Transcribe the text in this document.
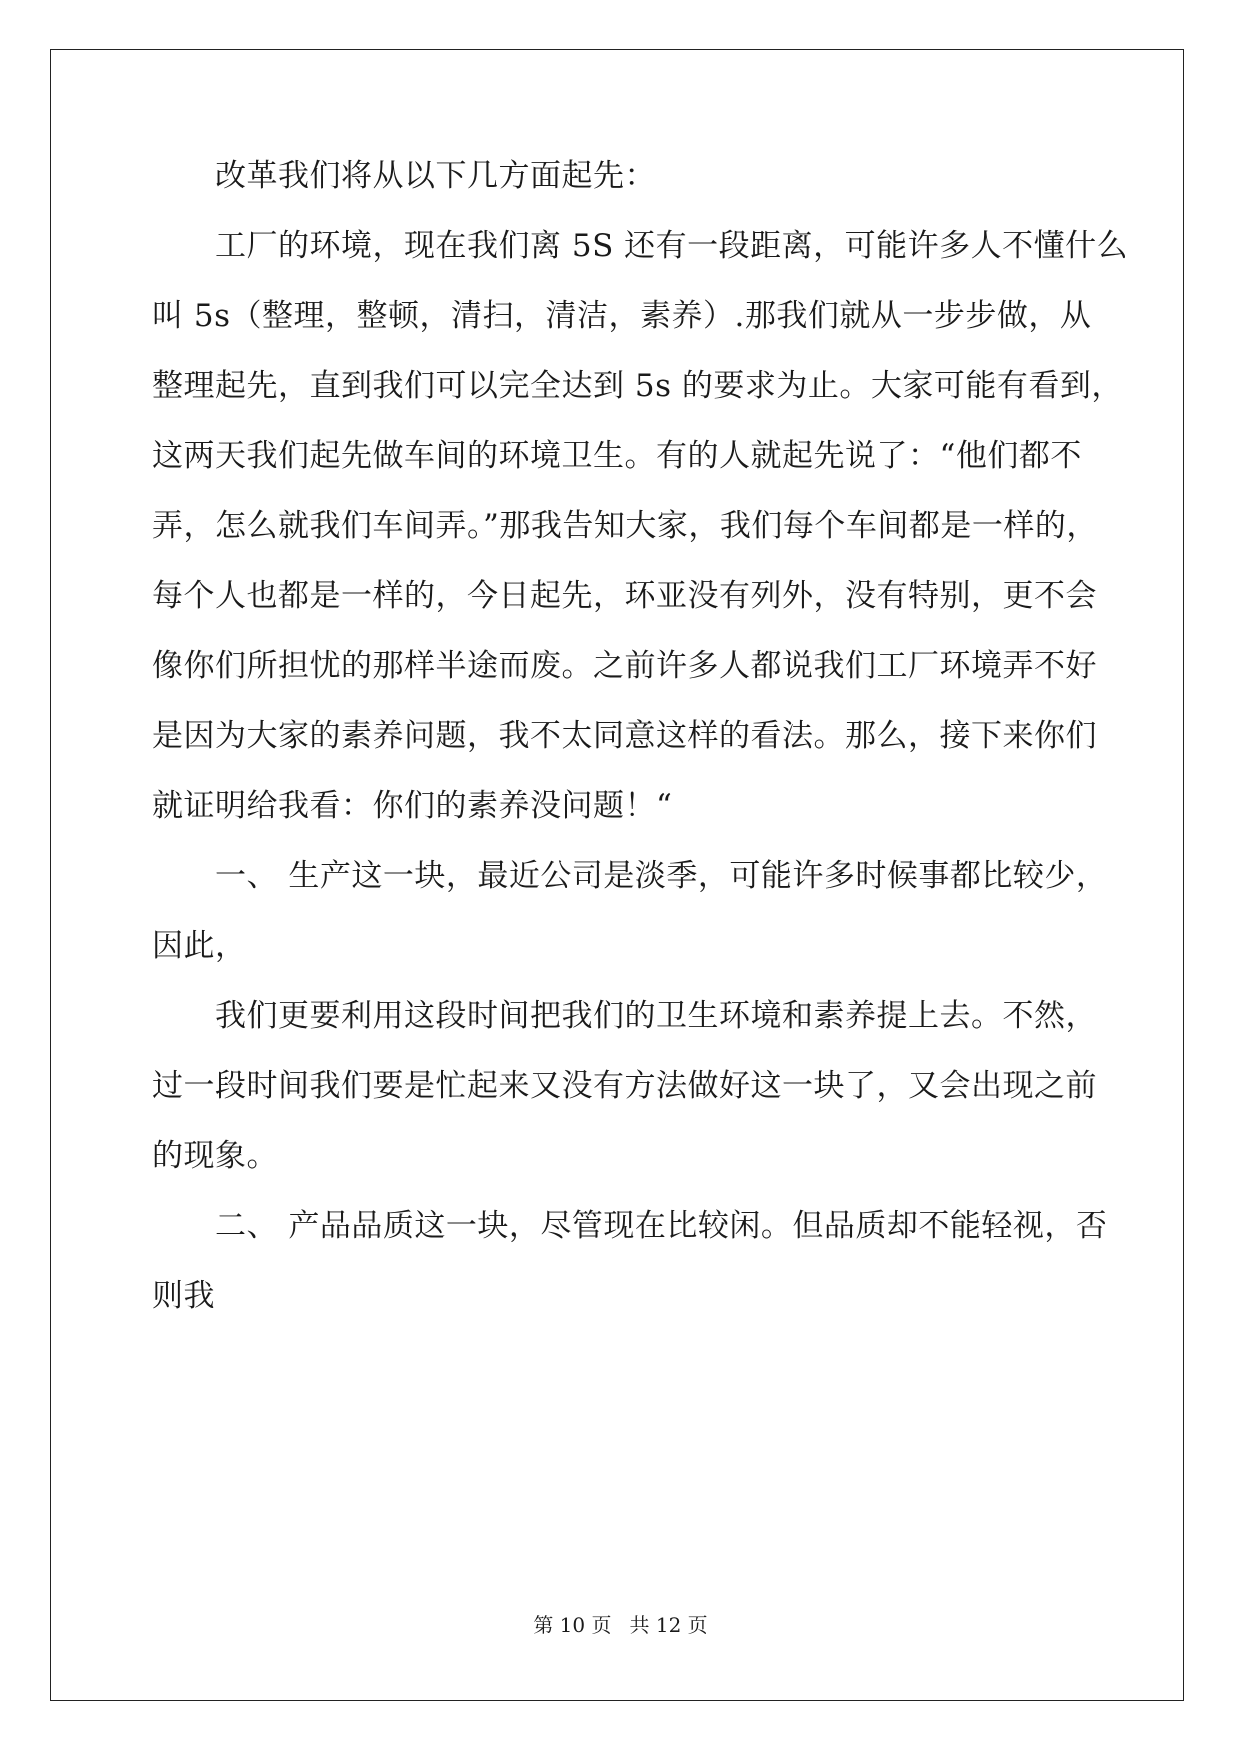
改革我们将从以下几方面起先：
工厂的环境，现在我们离 5S 还有一段距离，可能许多人不懂什么
叫 5s（整理，整顿，清扫，清洁，素养）.那我们就从一步步做，从
整理起先，直到我们可以完全达到 5s 的要求为止。大家可能有看到，
这两天我们起先做车间的环境卫生。有的人就起先说了：“他们都不
弄，怎么就我们车间弄。”那我告知大家，我们每个车间都是一样的，
每个人也都是一样的，今日起先，环亚没有列外，没有特别，更不会
像你们所担忧的那样半途而废。之前许多人都说我们工厂环境弄不好
是因为大家的素养问题，我不太同意这样的看法。那么，接下来你们
就证明给我看：你们的素养没问题！“
一、 生产这一块，最近公司是淡季，可能许多时候事都比较少，
因此，
我们更要利用这段时间把我们的卫生环境和素养提上去。不然，
过一段时间我们要是忙起来又没有方法做好这一块了，又会出现之前
的现象。
二、 产品品质这一块，尽管现在比较闲。但品质却不能轻视，否
则我
第 10 页 共 12 页
